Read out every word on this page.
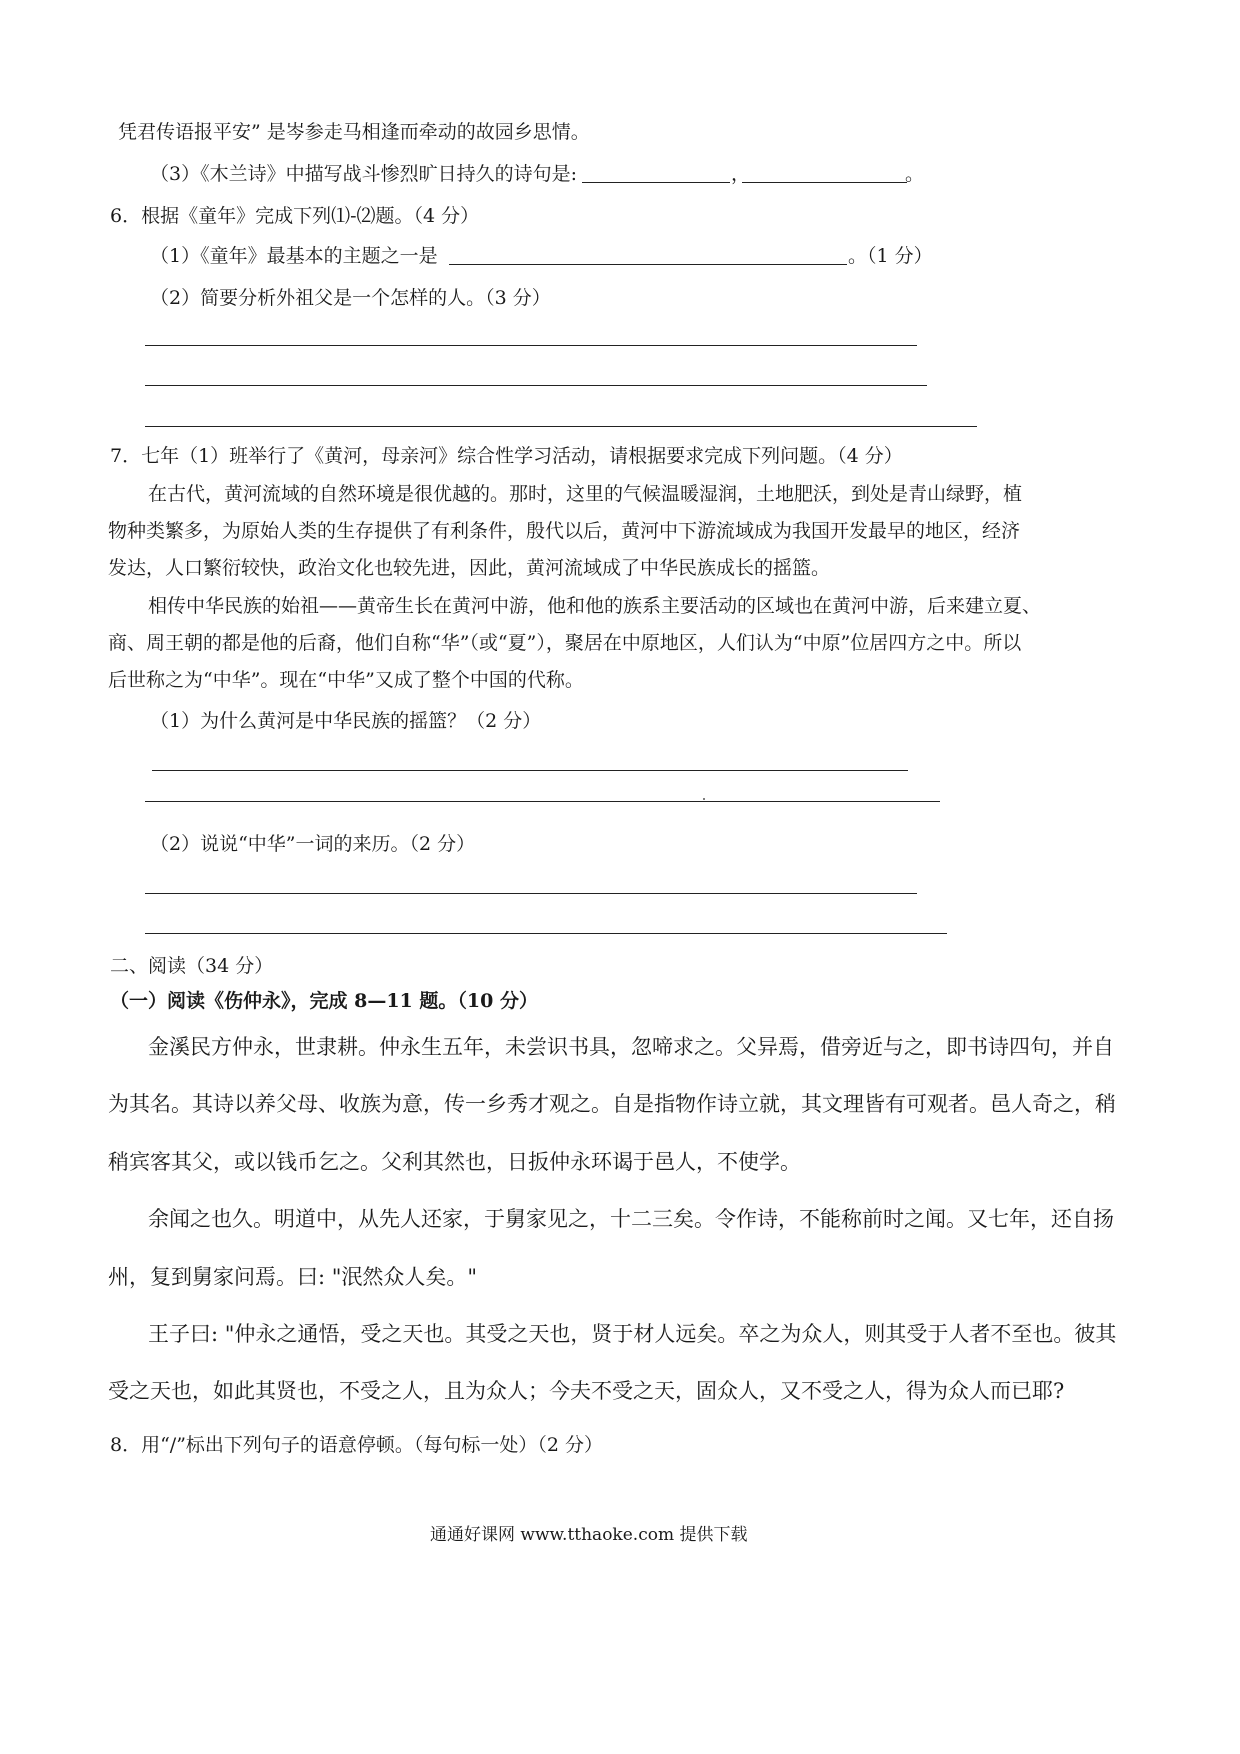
凭君传语报平安” 是岑参走马相逢而牵动的故园乡思情。
（3）《木兰诗》中描写战斗惨烈旷日持久的诗句是:	，	。
6．根据《童年》完成下列⑴-⑵题。（4 分）
（1）《童年》最基本的主题之一是	。（1 分）
（2）简要分析外祖父是一个怎样的人。（3 分）
7．七年（1）班举行了《黄河，母亲河》综合性学习活动，请根据要求完成下列问题。（4 分）
在古代，黄河流域的自然环境是很优越的。那时，这里的气候温暖湿润，土地肥沃，到处是青山绿野，植
物种类繁多，为原始人类的生存提供了有利条件，殷代以后，黄河中下游流域成为我国开发最早的地区，经济
发达，人口繁衍较快，政治文化也较先进，因此，黄河流域成了中华民族成长的摇篮。
相传中华民族的始祖——黄帝生长在黄河中游，他和他的族系主要活动的区域也在黄河中游，后来建立夏、
商、周王朝的都是他的后裔，他们自称“华”（或“夏”），聚居在中原地区，人们认为“中原”位居四方之中。所以
后世称之为“中华”。现在“中华”又成了整个中国的代称。
（1）为什么黄河是中华民族的摇篮？（2 分）
（2）说说“中华”一词的来历。（2 分）
二、阅读（34 分）
（一）阅读《伤仲永》，完成 8—11 题。（10 分）
金溪民方仲永，世隶耕。仲永生五年，未尝识书具，忽啼求之。父异焉，借旁近与之，即书诗四句，并自
为其名。其诗以养父母、收族为意，传一乡秀才观之。自是指物作诗立就，其文理皆有可观者。邑人奇之，稍
稍宾客其父，或以钱币乞之。父利其然也，日扳仲永环谒于邑人，不使学。
余闻之也久。明道中，从先人还家，于舅家见之，十二三矣。令作诗，不能称前时之闻。又七年，还自扬
州，复到舅家问焉。曰: "泯然众人矣。"
王子曰: "仲永之通悟，受之天也。其受之天也，贤于材人远矣。卒之为众人，则其受于人者不至也。彼其
受之天也，如此其贤也，不受之人，且为众人；今夫不受之天，固众人，又不受之人，得为众人而已耶?
8．用“/”标出下列句子的语意停顿。（每句标一处）（2 分）
通通好课网 www.tthaoke.com 提供下载
